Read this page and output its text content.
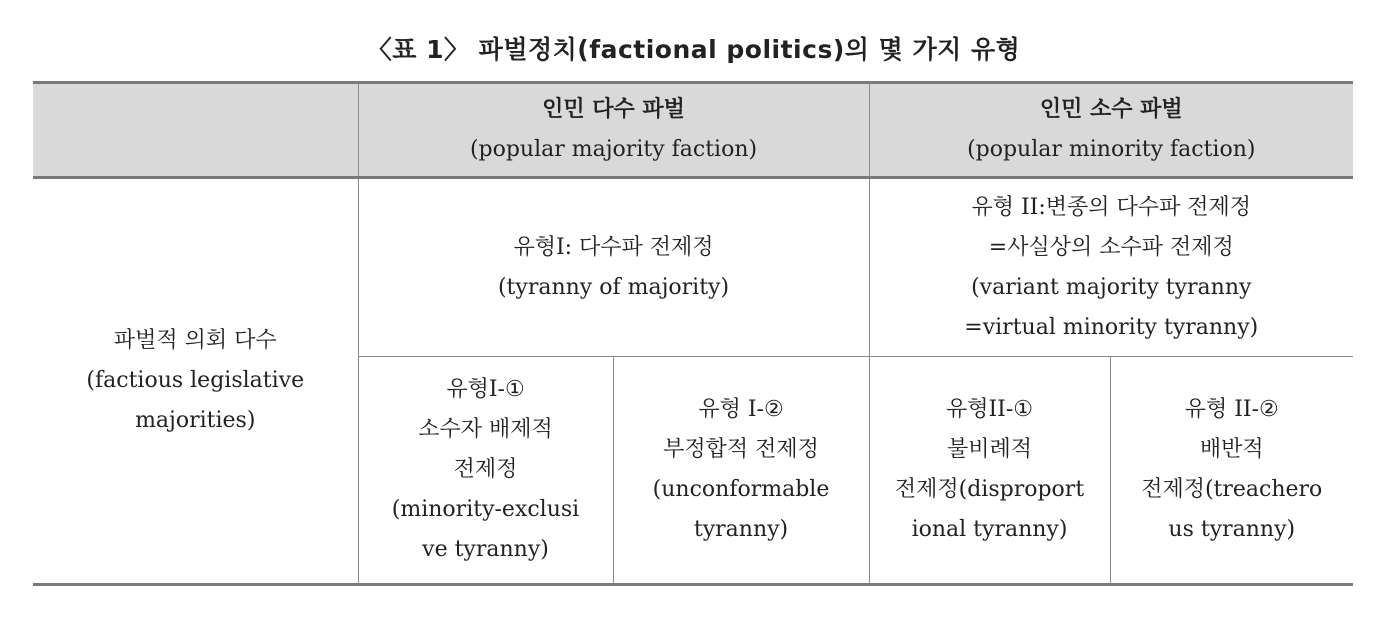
〈표 1〉 파벌정치(factional politics)의 몇 가지 유형

	인민 다수 파벌
(popular majority faction)		인민 소수 파벌
(popular minority faction)	

파벌적 의회 다수
(factious legislative
majorities)	유형I: 다수파 전제정
(tyranny of majority)		유형 II:변종의 다수파 전제정
=사실상의 소수파 전제정
(variant majority tyranny
=virtual minority tyranny)	

	유형I-①
소수자 배제적
전제정
(minority-exclusi
ve tyranny)	유형 I-②
부정합적 전제정
(unconformable
tyranny)	유형II-①
불비례적
전제정(disproport
ional tyranny)	유형 II-②
배반적
전제정(treachero
us tyranny)
